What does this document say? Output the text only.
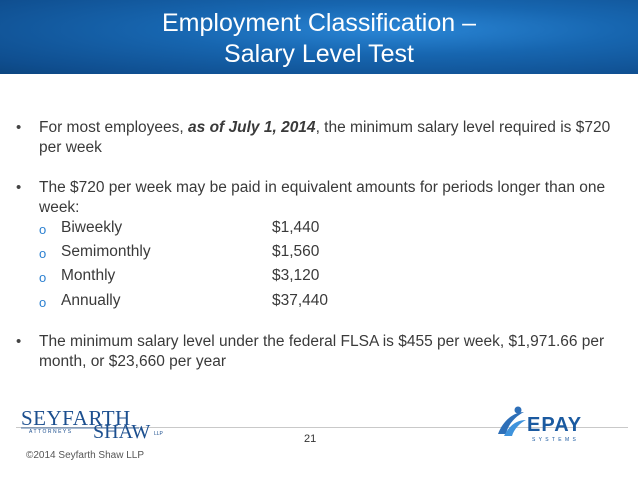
Employment Classification –
Salary Level Test
• For most employees, as of July 1, 2014, the minimum salary level required is $720 per week
• The $720 per week may be paid in equivalent amounts for periods longer than one week:
o Biweekly	$1,440
o Semimonthly	$1,560
o Monthly	$3,120
o Annually	$37,440
• The minimum salary level under the federal FLSA is $455 per week, $1,971.66 per month, or $23,660 per year
SEYFARTH
ATTORNEYS SHAW LLP	21
©2014 Seyfarth Shaw LLP
EPAY
S Y S T E M S
